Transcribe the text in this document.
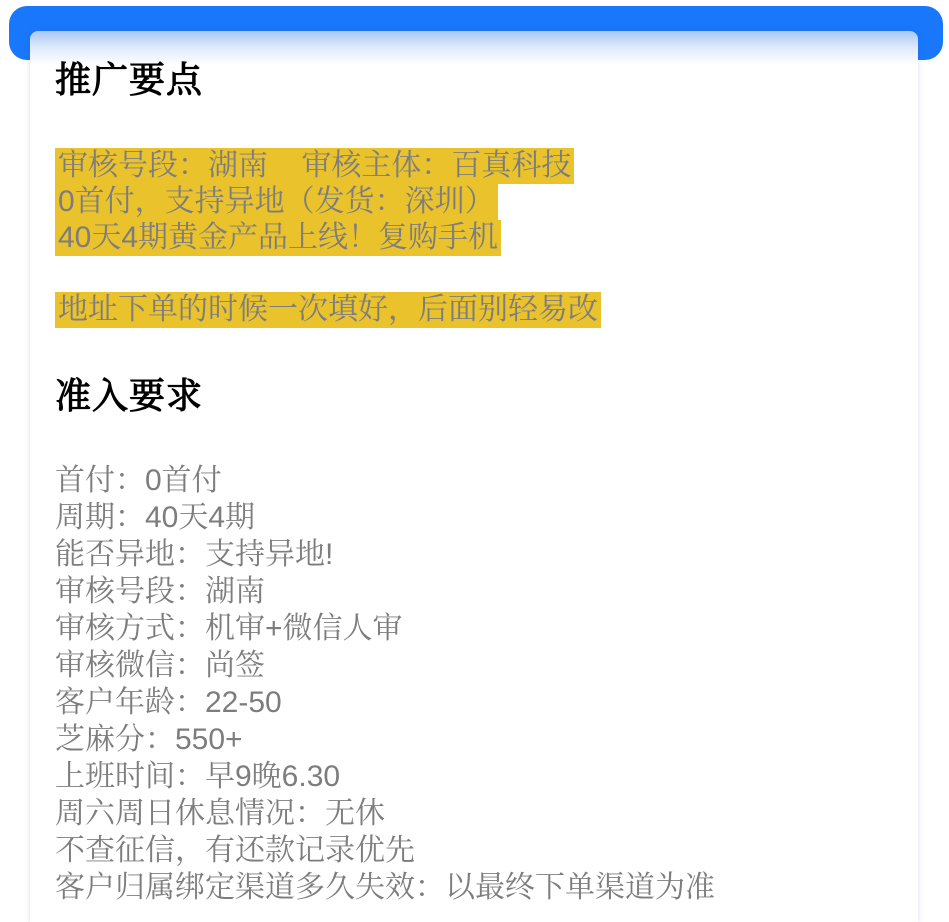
推广要点
审核号段：湖南    审核主体：百真科技
0首付，支持异地（发货：深圳）
40天4期黄金产品上线！复购手机
地址下单的时候一次填好，后面别轻易改
准入要求
首付：0首付
周期：40天4期
能否异地：支持异地!
审核号段：湖南
审核方式：机审+微信人审
审核微信：尚签
客户年龄：22-50
芝麻分：550+
上班时间：早9晚6.30
周六周日休息情况：无休
不查征信，有还款记录优先
客户归属绑定渠道多久失效：以最终下单渠道为准
